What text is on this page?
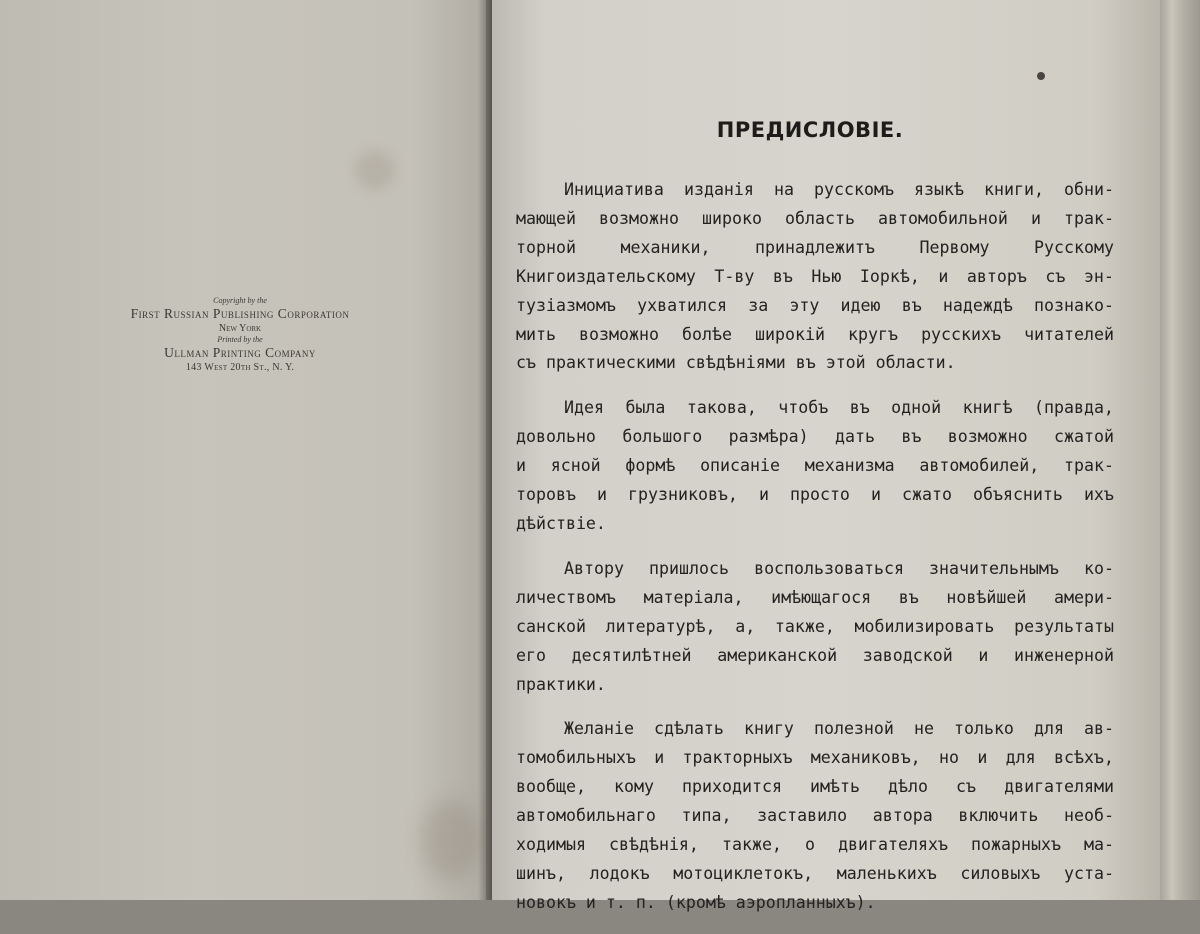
Copyright by the
First Russian Publishing Corporation
New York
Printed by the
Ullman Printing Company
143 West 20th St., N. Y.
ПРЕДИСЛОВІЕ.
Инициатива изданія на русскомъ языкѣ книги, обни-
мающей возможно широко область автомобильной и трак-
торной	механики,	принадлежитъ	Первому	Русскому
Книгоиздательскому Т-ву въ Нью Іоркѣ, и авторъ съ эн-
тузіазмомъ ухватился за эту идею въ надеждѣ познако-
мить возможно болѣе широкій кругъ русскихъ читателей
съ практическими свѣдѣніями въ этой области.
Идея была такова, чтобъ въ одной книгѣ (правда,
довольно большого размѣра) дать въ возможно сжатой
и ясной формѣ описаніе механизма автомобилей, трак-
торовъ и грузниковъ, и просто и сжато объяснить ихъ
дѣйствіе.
Автору пришлось воспользоваться значительнымъ ко-
личествомъ матеріала, имѣющагося въ новѣйшей амери-
санской литературѣ, а, также, мобилизировать результаты
его десятилѣтней американской заводской и инженерной
практики.
Желаніе сдѣлать книгу полезной не только для ав-
томобильныхъ и тракторныхъ механиковъ, но и для всѣхъ,
вообще, кому приходится имѣть дѣло съ двигателями
автомобильнаго типа, заставило автора включить необ-
ходимыя свѣдѣнія, также, о двигателяхъ пожарныхъ ма-
шинъ, лодокъ мотоциклетокъ, маленькихъ силовыхъ уста-
новокъ и т. п. (кромѣ аэропланныхъ).
